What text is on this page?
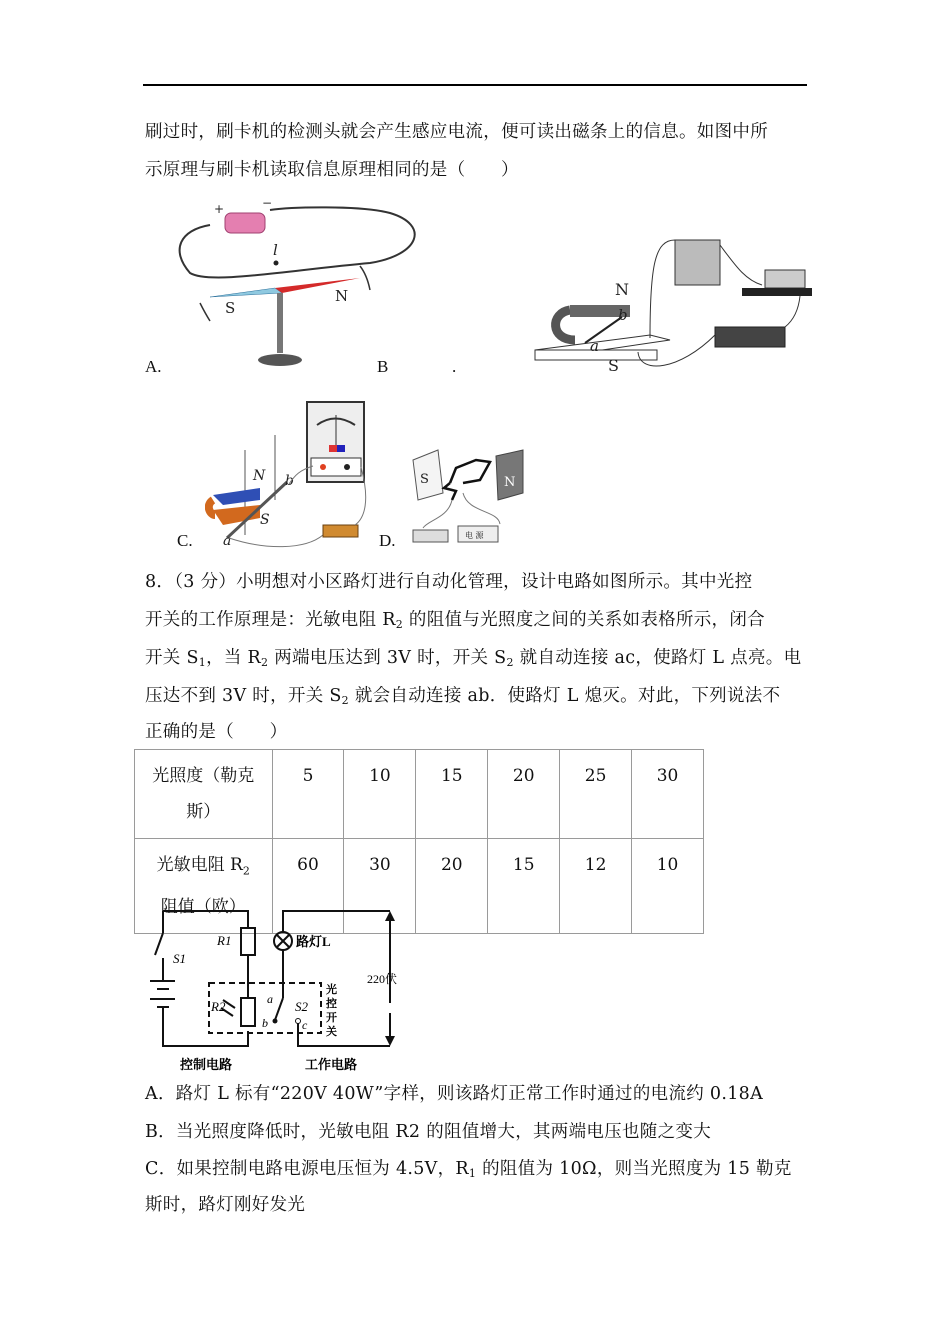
刷过时，刷卡机的检测头就会产生感应电流，便可读出磁条上的信息。如图中所
示原理与刷卡机读取信息原理相同的是（　　）
+	−
l
S
N
A.	B	.
N
b
a
S
N
S
b
a
C.
S	N
电 源
D.
8．（3 分）小明想对小区路灯进行自动化管理，设计电路如图所示。其中光控
开关的工作原理是：光敏电阻 $R_2$ 的阻值与光照度之间的关系如表格所示，闭合
开关 $S_1$，当 $R_2$ 两端电压达到 3V 时，开关 $S_2$ 就自动连接 ac，使路灯 L 点亮。电
压达不到 3V 时，开关 $S_2$ 就会自动连接 ab．使路灯 L 熄灭。对此，下列说法不
正确的是（　　）
光照度（勒克
斯）	5	10	15	20	25	30
光敏电阻 $R_2$
阻值（欧）	60	30	20	15	12	10
S1
R1
R2
路灯L
220伏
a
b	c
S2
光
控
开
关
控制电路	工作电路
A．路灯 L 标有“220V 40W”字样，则该路灯正常工作时通过的电流约 0.18A
B．当光照度降低时，光敏电阻 R2 的阻值增大，其两端电压也随之变大
C．如果控制电路电源电压恒为 4.5V，$R_1$ 的阻值为 10Ω，则当光照度为 15 勒克
斯时，路灯刚好发光
